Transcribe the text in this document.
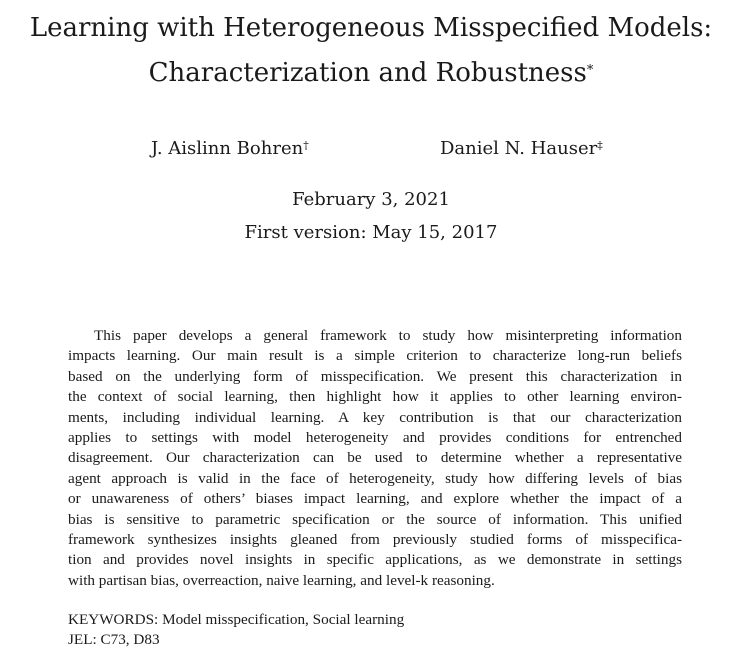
Learning with Heterogeneous Misspecified Models:
Characterization and Robustness*
J. Aislinn Bohren†	Daniel N. Hauser‡
February 3, 2021
First version: May 15, 2017
This paper develops a general framework to study how misinterpreting information
impacts learning. Our main result is a simple criterion to characterize long-run beliefs
based on the underlying form of misspecification. We present this characterization in
the context of social learning, then highlight how it applies to other learning environ-
ments, including individual learning. A key contribution is that our characterization
applies to settings with model heterogeneity and provides conditions for entrenched
disagreement. Our characterization can be used to determine whether a representative
agent approach is valid in the face of heterogeneity, study how differing levels of bias
or unawareness of others’ biases impact learning, and explore whether the impact of a
bias is sensitive to parametric specification or the source of information. This unified
framework synthesizes insights gleaned from previously studied forms of misspecifica-
tion and provides novel insights in specific applications, as we demonstrate in settings
with partisan bias, overreaction, naive learning, and level-k reasoning.
KEYWORDS: Model misspecification, Social learning
JEL: C73, D83
